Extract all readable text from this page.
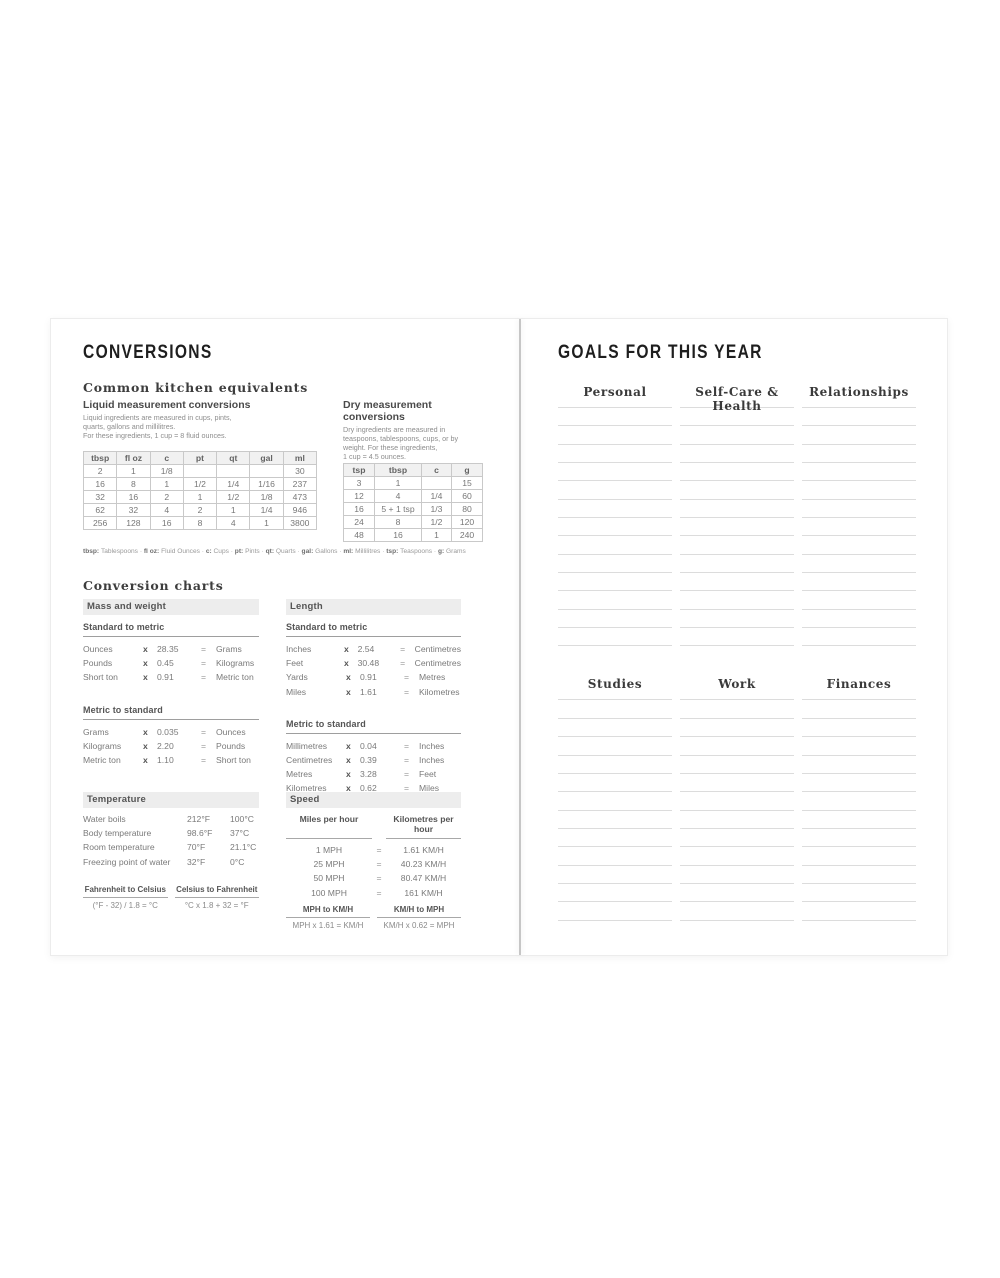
CONVERSIONS
Common kitchen equivalents
Liquid measurement conversions

Liquid ingredients are measured in cups, pints,
quarts, gallons and millilitres.
For these ingredients, 1 cup = 8 fluid ounces.

tbsp	fl oz	c	pt	qt	gal	ml
2	1	1/8				30
16	8	1	1/2	1/4	1/16	237
32	16	2	1	1/2	1/8	473
62	32	4	2	1	1/4	946
256	128	16	8	4	1	3800
Dry measurement conversions

Dry ingredients are measured in
teaspoons, tablespoons, cups, or by
weight. For these ingredients,
1 cup = 4.5 ounces.

tsp	tbsp	c	g
3	1		15
12	4	1/4	60
16	5 + 1 tsp	1/3	80
24	8	1/2	120
48	16	1	240

tbsp: Tablespoons · fl oz: Fluid Ounces · c: Cups · pt: Pints · qt: Quarts · gal: Gallons · ml: Millilitres · tsp: Teaspoons · g: Grams

Conversion charts
Mass and weight
Standard to metric
Ounces	x	28.35	=	Grams
Pounds	x	0.45	=	Kilograms
Short ton	x	0.91	=	Metric ton
Metric to standard
Grams	x	0.035	=	Ounces
Kilograms	x	2.20	=	Pounds
Metric ton	x	1.10	=	Short ton
Temperature
Water boils	212°F	100°C
Body temperature	98.6°F	37°C
Room temperature	70°F	21.1°C
Freezing point of water	32°F	0°C
Fahrenheit to Celsius
(°F - 32) / 1.8 = °C
Celsius to Fahrenheit
°C x 1.8 + 32 = °F
Length
Standard to metric
Inches	x	2.54	=	Centimetres
Feet	x	30.48	=	Centimetres
Yards	x	0.91	=	Metres
Miles	x	1.61	=	Kilometres
Metric to standard
Millimetres	x	0.04	=	Inches
Centimetres	x	0.39	=	Inches
Metres	x	3.28	=	Feet
Kilometres	x	0.62	=	Miles
Speed
Miles per hour	Kilometres per hour
1 MPH	=	1.61 KM/H
25 MPH	=	40.23 KM/H
50 MPH	=	80.47 KM/H
100 MPH	=	161 KM/H
MPH to KM/H
MPH x 1.61 = KM/H
KM/H to MPH
KM/H x 0.62 = MPH
GOALS FOR THIS YEAR
Personal	Self-Care & Health
Relationships
Studies	Work	Finances
